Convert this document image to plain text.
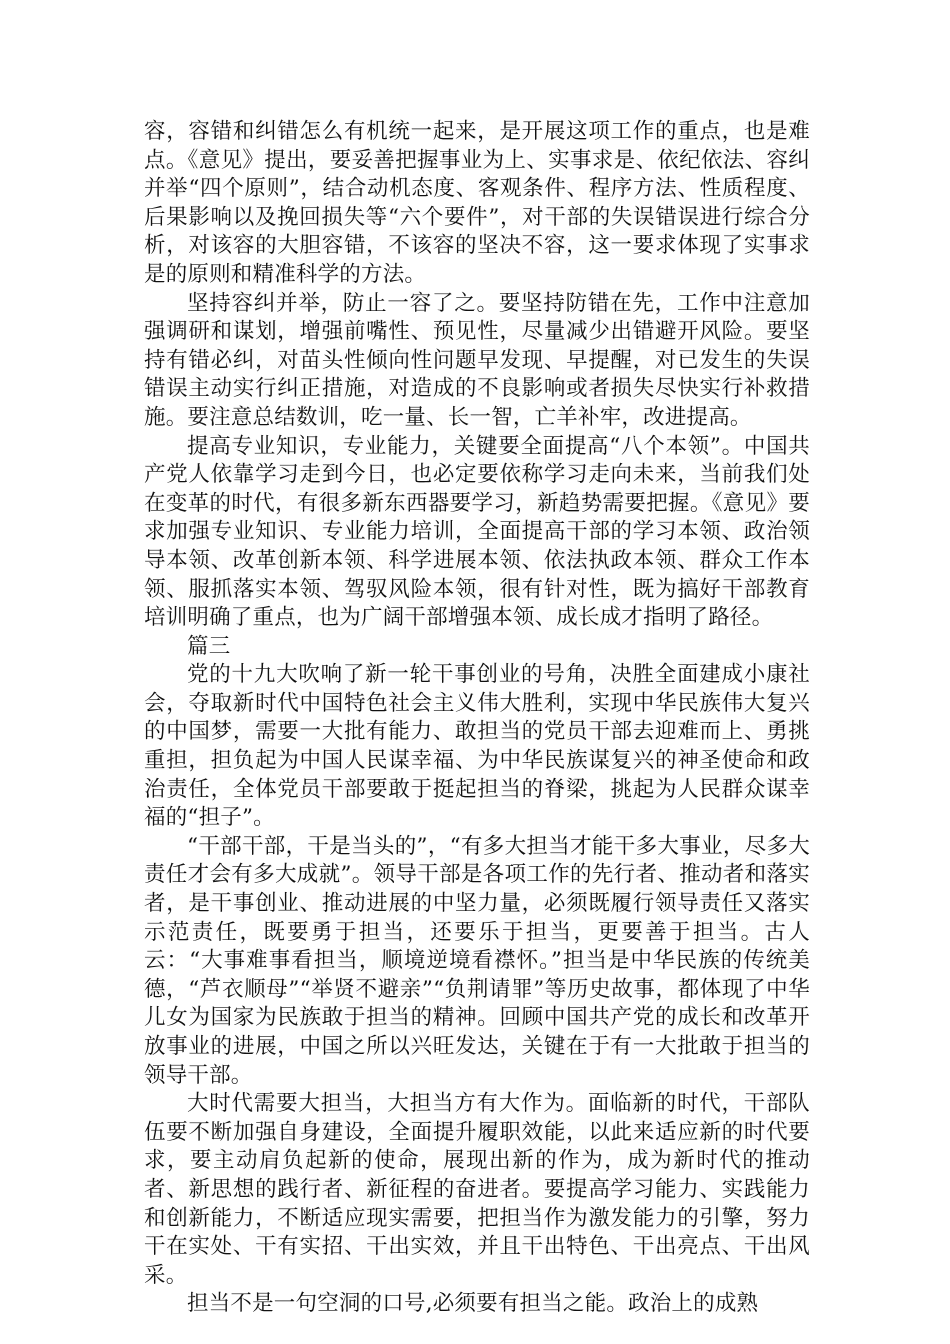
容，容错和纠错怎么有机统一起来，是开展这项工作的重点，也是难点。《意见》提出，要妥善把握事业为上、实事求是、依纪依法、容纠并举“四个原则”，结合动机态度、客观条件、程序方法、性质程度、后果影响以及挽回损失等“六个要件”，对干部的失误错误进行综合分析，对该容的大胆容错，不该容的坚决不容，这一要求体现了实事求是的原则和精准科学的方法。

坚持容纠并举，防止一容了之。要坚持防错在先，工作中注意加强调研和谋划，增强前嘴性、预见性，尽量减少出错避开风险。要坚持有错必纠，对苗头性倾向性问题早发现、早提醒，对已发生的失误错误主动实行纠正措施，对造成的不良影响或者损失尽快实行补救措施。要注意总结数训，吃一量、长一智，亡羊补牢，改进提高。

提高专业知识，专业能力，关键要全面提高“八个本领”。中国共产党人依靠学习走到今日，也必定要依称学习走向未来，当前我们处在变革的时代，有很多新东西器要学习，新趋势需要把握。《意见》要求加强专业知识、专业能力培训，全面提高干部的学习本领、政治领导本领、改革创新本领、科学进展本领、依法执政本领、群众工作本领、服抓落实本领、驾驭风险本领，很有针对性，既为搞好干部教育培训明确了重点，也为广阔干部增强本领、成长成才指明了路径。

篇三

党的十九大吹响了新一轮干事创业的号角，决胜全面建成小康社会，夺取新时代中国特色社会主义伟大胜利，实现中华民族伟大复兴的中国梦，需要一大批有能力、敢担当的党员干部去迎难而上、勇挑重担，担负起为中国人民谋幸福、为中华民族谋复兴的神圣使命和政治责任，全体党员干部要敢于挺起担当的脊梁，挑起为人民群众谋幸福的“担子”。

“干部干部，干是当头的”，“有多大担当才能干多大事业，尽多大责任才会有多大成就”。领导干部是各项工作的先行者、推动者和落实者，是干事创业、推动进展的中坚力量，必须既履行领导责任又落实示范责任，既要勇于担当，还要乐于担当，更要善于担当。古人云：“大事难事看担当，顺境逆境看襟怀。”担当是中华民族的传统美德，“芦衣顺母”“举贤不避亲”“负荆请罪”等历史故事，都体现了中华儿女为国家为民族敢于担当的精神。回顾中国共产党的成长和改革开放事业的进展，中国之所以兴旺发达，关键在于有一大批敢于担当的领导干部。

大时代需要大担当，大担当方有大作为。面临新的时代，干部队伍要不断加强自身建设，全面提升履职效能，以此来适应新的时代要求，要主动肩负起新的使命，展现出新的作为，成为新时代的推动者、新思想的践行者、新征程的奋进者。要提高学习能力、实践能力和创新能力，不断适应现实需要，把担当作为激发能力的引擎，努力干在实处、干有实招、干出实效，并且干出特色、干出亮点、干出风采。

担当不是一句空洞的口号,必须要有担当之能。政治上的成熟
